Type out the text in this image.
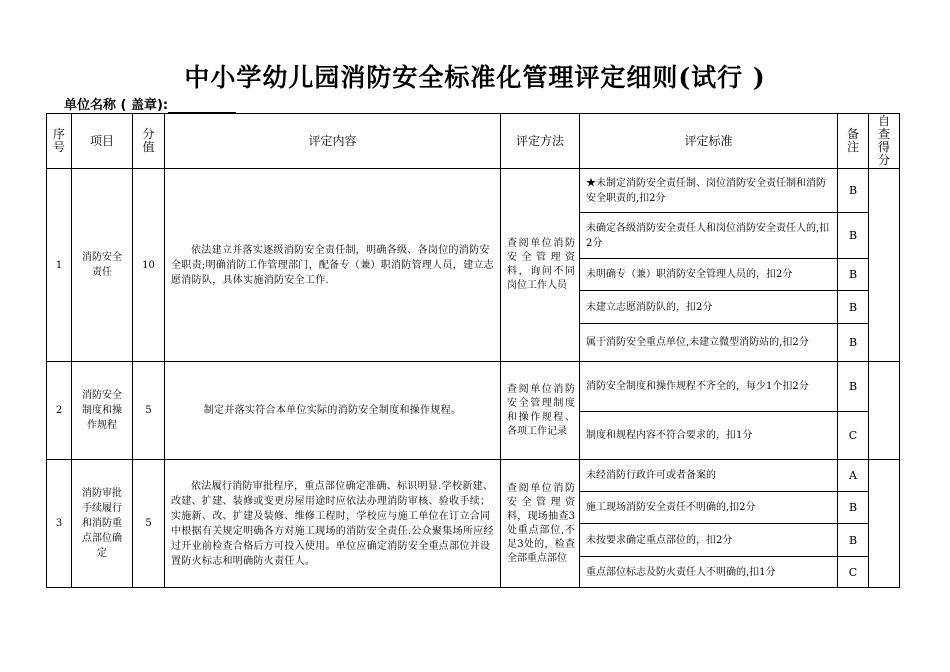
中小学幼儿园消防安全标准化管理评定细则(试行 )
单位名称 ( 盖章):
序号	项目	分值	评定内容	评定方法	评定标准	备注	自查得分
1	消防安全责任	10	依法建立并落实逐级消防安全责任制，明确各级、各岗位的消防安全职责;明确消防工作管理部门，配备专（兼）职消防管理人员，建立志愿消防队，具体实施消防安全工作.	查阅单位消防安全管理资料，询问不同岗位工作人员	★未制定消防安全责任制、岗位消防安全责任制和消防安全职责的,扣2分	B	
					未确定各级消防安全责任人和岗位消防安全责任人的,扣2分	B	
					未明确专（兼）职消防安全管理人员的，扣2分	B	
					未建立志愿消防队的，扣2分	B	
					属于消防安全重点单位,未建立微型消防站的,扣2分	B	
2	消防安全制度和操作规程	5	制定并落实符合本单位实际的消防安全制度和操作规程。	查阅单位消防安全管理制度和操作规程、各项工作记录	消防安全制度和操作规程不齐全的，每少1个扣2分	B	
					制度和规程内容不符合要求的，扣1分	C	
3	消防审批手续履行和消防重点部位确定	5	依法履行消防审批程序，重点部位确定准确、标识明显.学校新建、改建、扩建、装修或变更房屋用途时应依法办理消防审核、验收手续；实施新、改、扩建及装修、维修工程时，学校应与施工单位在订立合同中根据有关规定明确各方对施工现场的消防安全责任.公众聚集场所应经过开业前检查合格后方可投入使用。单位应确定消防安全重点部位并设置防火标志和明确防火责任人。	查阅单位消防安全管理资料，现场抽查3处重点部位,不足3处的，检查全部重点部位	未经消防行政许可或者备案的	A	
					施工现场消防安全责任不明确的,扣2分	B	
					未按要求确定重点部位的，扣2分	B	
					重点部位标志及防火责任人不明确的,扣1分	C	
